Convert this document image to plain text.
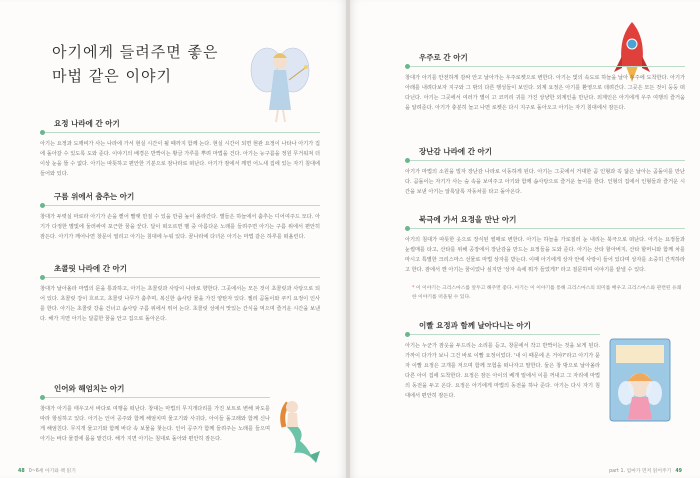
아기에게 들려주면 좋은
마법 같은 이야기
요정 나라에 간 아기
아기는 요정과 도깨비가 사는 나라에 가서 현실 시간이 될 때까지 함께 논다. 현실 시간이 되면 현관 요정이 나타나 아기가 집에 돌아갈 수 있도록 도와 준다. 이야기의 배경은 반짝이는 황금 가루를 뿌려 마법을 건다. 아기는 능구름을 정원 무거워져 더 이상 눈을 뜰 수 없다. 아기는 따뜻하고 편안한 기분으로 잠나라로 떠난다. 아기가 잠에서 깨면 어느새 집에 있는 자기 침대에 들어와 있다.
구름 위에서 춤추는 아기
창대가 두렷실 마로라 아기가 손을 뻗어 빨랫 만질 수 있을 만큼 높이 올라간다. 별들은 하늘에서 춤추는 디어여주드 모다. 아기가 다정한 별빛에 둘러싸여 포근한 꿈을 꾼다. 달이 떠오르면 벨 중 아름다운 노래를 들려주면 아기는 구름 위에서 편안히 잠든다. 아기가 깨어나면 창문이 열리고 아기는 침대에 누워 있다. 꿈나라에 다녀온 아기는 마법 같은 하루를 떠올린다.
초콜릿 나라에 간 아기
창대가 날아올라 마법의 문을 통과하고, 아기는 초콜릿과 사탕이 나라로 향한다. 그곳에서는 모든 것이 초콜릿과 사탕으로 되어 있다. 초콜릿 강이 흐르고, 초콜릿 나무가 춤추며, 복신한 솜사탕 물을 가진 양탄자 있다. 젤리 곰돌이와 쿠키 요정이 인사를 한다. 아기는 초콜릿 강을 건너고 솜사탕 구름 위에서 뛰어 논다. 초콜릿 성에서 맛있는 간식을 먹으며 즐거운 시간을 보낸다. 해가 지면 아기는 달콤한 꿈을 안고 집으로 돌아온다.
인어와 해엄치는 아기
창대가 아기를 태우고서 바다로 여행을 떠난다. 창대는 마법의 무지개다리를 가진 보트로 변해 파도를 따라 항심하고 있다. 아기는 인어 공주와 함께 해엄치며 물고기와 사귀다, 아이들 돌고래와 함께 신나게 해엄친다. 무지개 물고기와 함께 바다 속 보물을 찾는다. 인어 공주가 함께 들려주는 노래를 들으며 아기는 바다 물결에 몸을 맡긴다. 해가 지면 아기는 침대로 돌아와 편안히 잠든다.
48 0~6세 아기와 책 읽기	part 1. 엄마가 먼저 읽어주기 49
우주로 간 아기
창대가 아기를 안전하게 감싸 안고 날아가는 우주로켓으로 변한다. 아기는 빛의 속도로 하늘을 날아 우주에 도착한다. 아기가 아래를 내려다보자 지구와 그 밖의 다른 행성들이 보인다. 외계 요정은 아기를 환영으로 데려간다. 그곳은 모든 것이 둥둥 떠다닌다. 아기는 그곳에서 여러가 별이 고 코끼리 귀를 가진 상냥한 외계인을 만난다. 외계인은 아기에게 우주 여행의 즐거움을 알려준다. 아기가 충분히 놀고 나면 로켓은 다시 지구로 돌아오고 아기는 자기 침대에서 잠든다.
장난감 나라에 간 아기
아기가 마법의 소원을 빌자 장난감 나라로 이동하게 된다. 아기는 그곳에서 거대한 곰 인형과 꼭 닮은 날아는 곰돌이를 만난다. 곰돌이는 자기가 사는 숲 속을 보여주고 아기와 함께 솜사탕으로 즐거운 놀이를 한다. 인형의 집에서 인형들과 즐거운 시간을 보낸 아기는 알록달록 자동차를 타고 돌아온다.
북극에 가서 요정을 만난 아기
아기의 침대가 따뜻한 옷으로 장식된 썰매로 변한다. 아기는 하늘을 가로질러 눈 내리는 북극으로 떠난다. 아기는 요정들과 눈썰매를 타고, 산타를 위해 공장에서 장난감을 만드는 요정들을 도와 준다. 아기는 산타 할아버지, 산타 할머니와 함께 차를 마시고 특별한 크리스마스 선물로 마법 상자를 받는다. 이때 아기에게 상자 안에 사랑이 들어 있다며 상자를 소중히 간직하라고 한다. 잠에서 깬 아기는 꿈이었나 싶지만 '상자 속에 뭐가 들었게?' 라고 질문하며 이야기를 끝낼 수 있다.
* 이 이야기는 크리스마스를 앞두고 해주면 좋다. 아기는 이 이야기를 통해 크리스마스의 의미를 배우고 크리스마스와 관련된 유쾌한 이야기를 떠올릴 수 있다.
이빨 요정과 함께 날아다니는 아기
아기는 누군가 잠옷을 두드리는 소리를 듣고, 창문에서 작고 반짝이는 것을 보게 된다. 가까이 다가가 보니 그건 바로 이빨 요정이었다. '내 이 때문에 온 거야?'라고 아기가 묻자 이빨 요정은 고개를 저으며 함께 모험을 떠나자고 말한다. 둘은 창 밖으로 날아올라 다른 아이 집에 도착한다. 요정은 잠든 아이의 베개 밑에서 이를 꺼내고 그 자리에 마법의 동전을 두고 온다. 요정은 아기에게 마법의 동전을 하나 준다. 아기는 다시 자기 침대에서 편안히 잠든다.
